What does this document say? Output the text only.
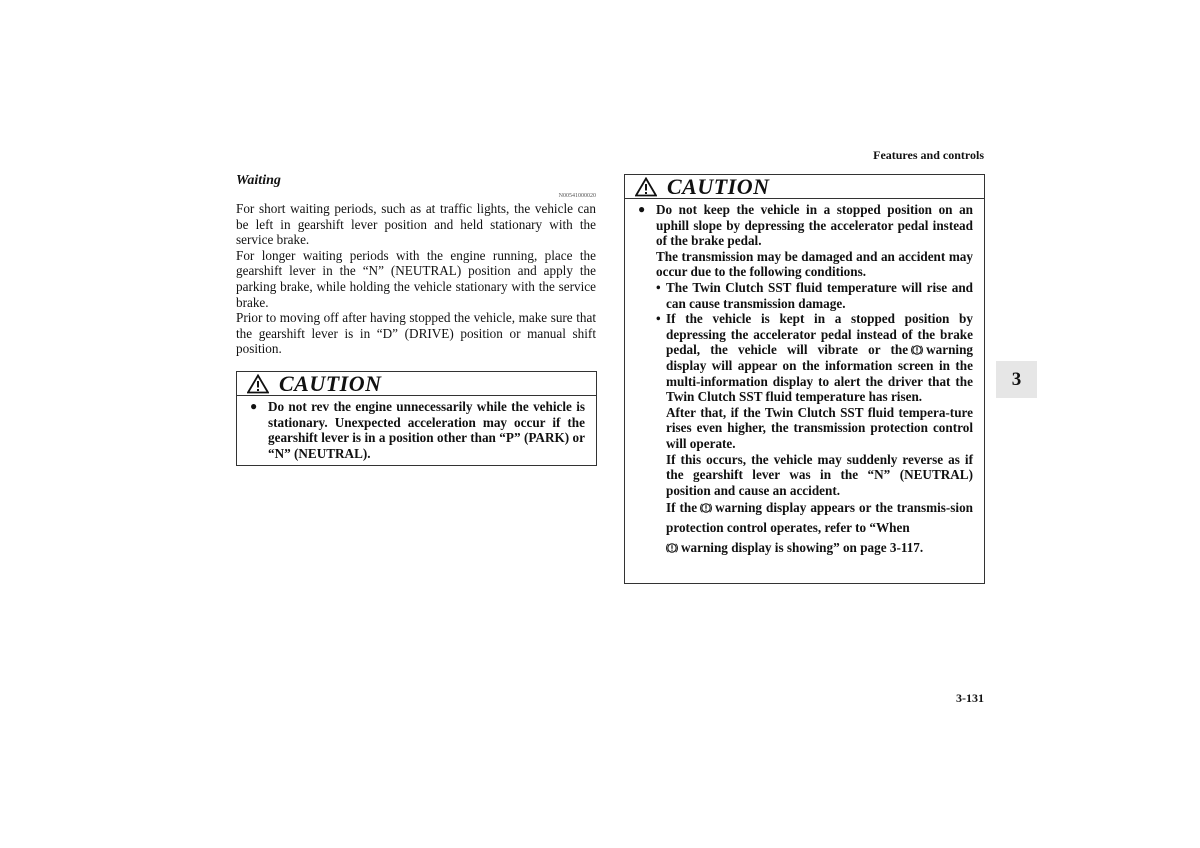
Features and controls
3
3-131

Waiting

N00541000020

For short waiting periods, such as at traffic lights, the vehicle can be left in gearshift lever position and held stationary with the service brake.

For longer waiting periods with the engine running, place the gearshift lever in the “N” (NEUTRAL) position and apply the parking brake, while holding the vehicle stationary with the service brake.

Prior to moving off after having stopped the vehicle, make sure that the gearshift lever is in “D” (DRIVE) position or manual shift position.

CAUTION
● Do not rev the engine unnecessarily while the vehicle is stationary. Unexpected acceleration may occur if the gearshift lever is in a position other than “P” (PARK) or “N” (NEUTRAL).
CAUTION
● Do not keep the vehicle in a stopped position on an uphill slope by depressing the accelerator pedal instead of the brake pedal.

The transmission may be damaged and an accident may occur due to the following conditions.

• The Twin Clutch SST fluid temperature will rise and can cause transmission damage.
• If the vehicle is kept in a stopped position by depressing the accelerator pedal instead of the brake pedal, the vehicle will vibrate or the warning display will appear on the information screen in the multi-information display to alert the driver that the Twin Clutch SST fluid temperature has risen.

After that, if the Twin Clutch SST fluid tempera-ture rises even higher, the transmission protection control will operate.

If this occurs, the vehicle may suddenly reverse as if the gearshift lever was in the “N” (NEUTRAL) position and cause an accident.

If the warning display appears or the transmis-sion protection control operates, refer to “When
warning display is showing” on page 3-117.
